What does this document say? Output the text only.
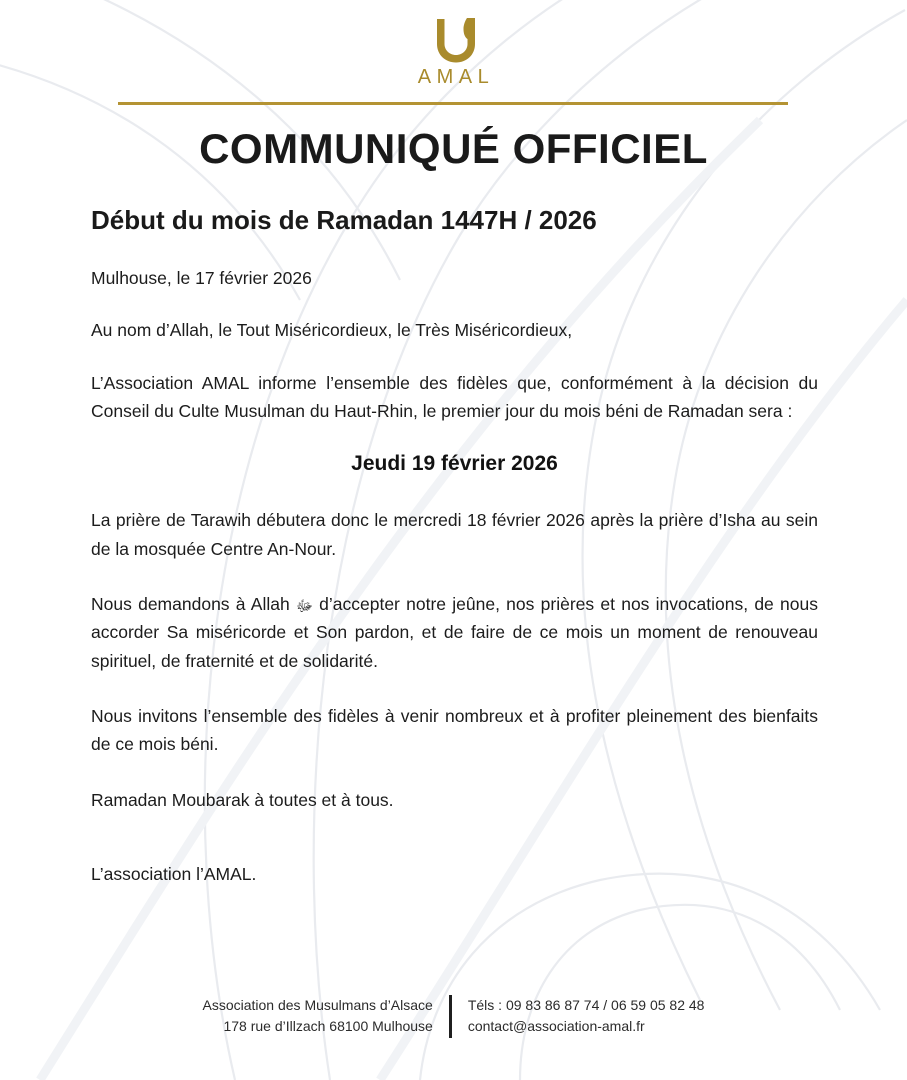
AMAL
COMMUNIQUÉ OFFICIEL
Début du mois de Ramadan 1447H / 2026

Mulhouse, le 17 février 2026

Au nom d’Allah, le Tout Miséricordieux, le Très Miséricordieux,

L’Association AMAL informe l’ensemble des fidèles que, conformément à la décision du Conseil du Culte Musulman du Haut-Rhin, le premier jour du mois béni de Ramadan sera :

Jeudi 19 février 2026

La prière de Tarawih débutera donc le mercredi 18 février 2026 après la prière d’Isha au sein de la mosquée Centre An-Nour.

Nous demandons à Allah ﷻ d’accepter notre jeûne, nos prières et nos invocations, de nous accorder Sa miséricorde et Son pardon, et de faire de ce mois un moment de renouveau spirituel, de fraternité et de solidarité.

Nous invitons l’ensemble des fidèles à venir nombreux et à profiter pleinement des bienfaits de ce mois béni.

Ramadan Moubarak à toutes et à tous.

L’association l’AMAL.

Association des Musulmans d’Alsace
178 rue d’Illzach 68100 Mulhouse
Téls : 09 83 86 87 74 / 06 59 05 82 48
contact@association-amal.fr
